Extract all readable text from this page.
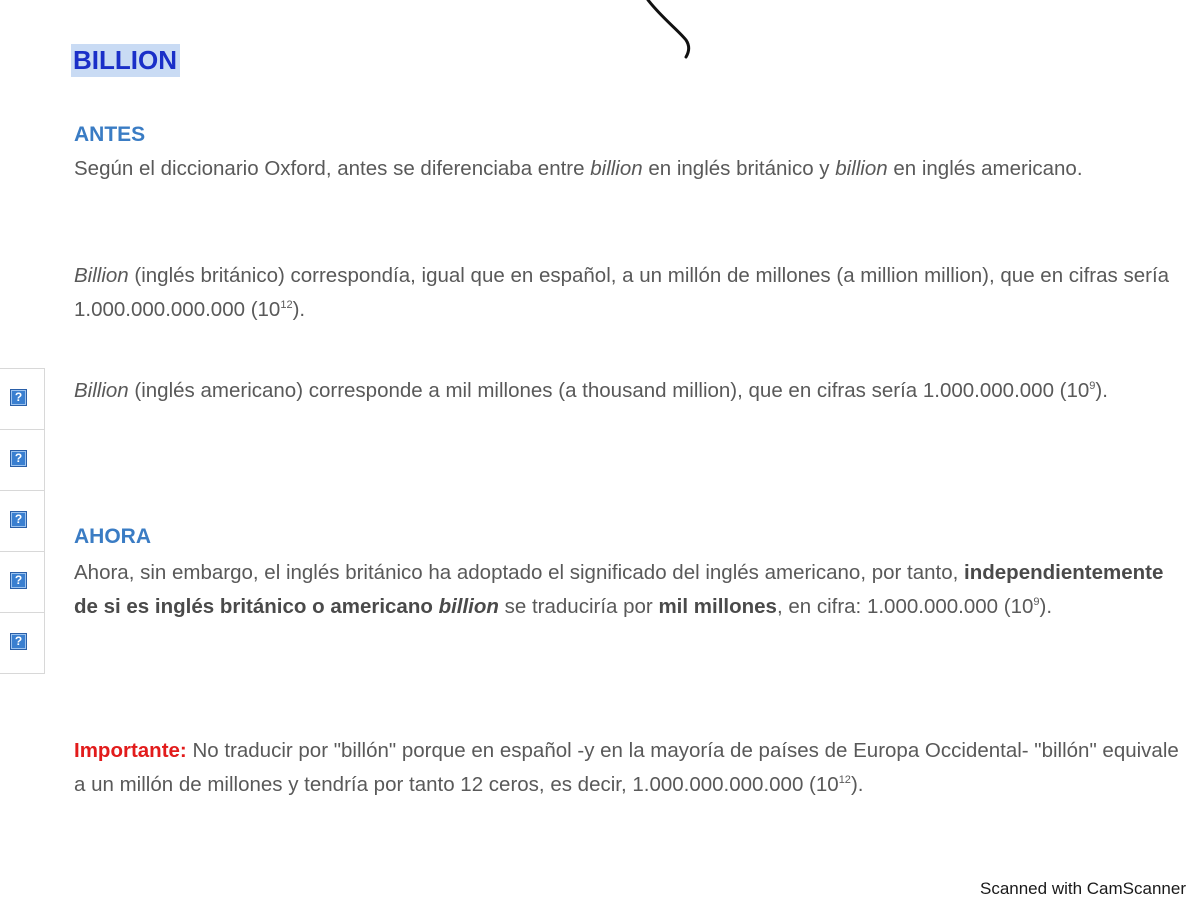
BILLION
ANTES
Según el diccionario Oxford, antes se diferenciaba entre billion en inglés británico y billion en inglés americano.
Billion (inglés británico) correspondía, igual que en español, a un millón de millones (a million million), que en cifras sería 1.000.000.000.000 $(10^{12})$.
Billion (inglés americano) corresponde a mil millones (a thousand million), que en cifras sería 1.000.000.000 $(10^9)$.
AHORA
Ahora, sin embargo, el inglés británico ha adoptado el significado del inglés americano, por tanto, independientemente de si es inglés británico o americano billion se traduciría por mil millones, en cifra: 1.000.000.000 $(10^9)$.
Importante: No traducir por "billón" porque en español -y en la mayoría de países de Europa Occidental- "billón" equivale a un millón de millones y tendría por tanto 12 ceros, es decir, 1.000.000.000.000 $(10^{12})$.
?
?
?
?
?
Scanned with CamScanner
